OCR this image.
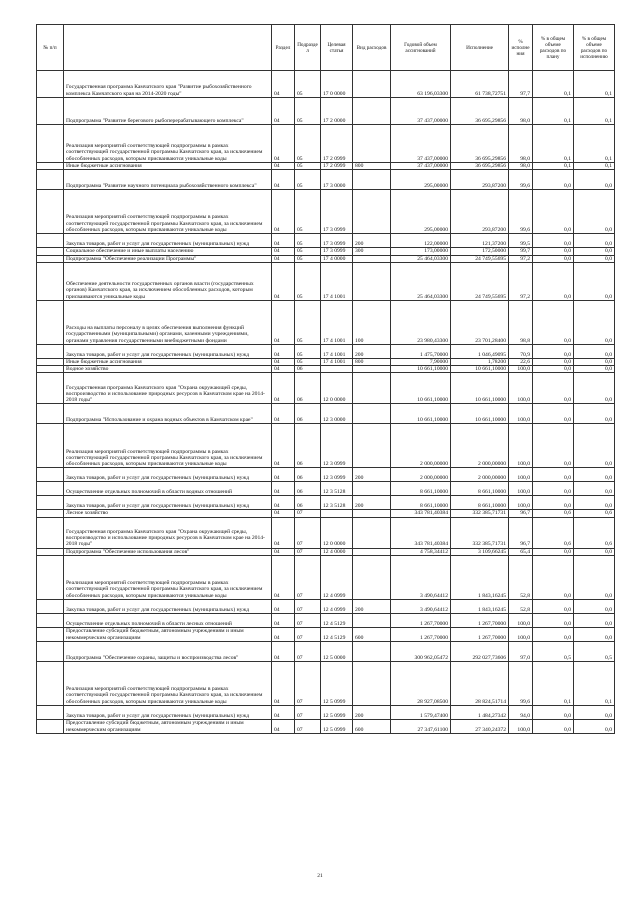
№ п/п		Раздел	Подраздел	Целевая статья	Вид расходов	Годовой объем ассигнований	Исполнение	% исполнения	% в общем объеме расходов по плану	% в общем объеме расходов по исполнению
	Государственная программа Камчатского края "Развитие рыбохозяйственного комплекса Камчатского края на 2014-2020 годы"	04	05	17 0 0000		63 196,03300	61 738,72751	97,7	0,1	0,1
	Подпрограмма "Развитие берегового рыбоперерабатывающего комплекса"	04	05	17 2 0000		37 437,00000	36 695,29856	98,0	0,1	0,1
	Реализация мероприятий соответствующей подпрограммы в рамках соответствующей государственной программы Камчатского края, за исключением обособленных расходов, которым присваиваются уникальные коды	04	05	17 2 0999		37 437,00000	36 695,29856	98,0	0,1	0,1
	Иные бюджетные ассигнования	04	05	17 2 0999	800	37 437,00000	36 695,29856	98,0	0,1	0,1
	Подпрограмма "Развитие научного потенциала рыбохозяйственного комплекса"	04	05	17 3 0000		295,00000	293,87200	99,6	0,0	0,0
	Реализация мероприятий соответствующей подпрограммы в рамках соответствующей государственной программы Камчатского края, за исключением обособленных расходов, которым присваиваются уникальные коды	04	05	17 3 0999		295,00000	293,87200	99,6	0,0	0,0
	Закупка товаров, работ и услуг для государственных (муниципальных) нужд	04	05	17 3 0999	200	122,00000	121,37200	99,5	0,0	0,0
	Социальное обеспечение и иные выплаты населению	04	05	17 3 0999	300	173,00000	172,50000	99,7	0,0	0,0
	Подпрограмма "Обеспечение реализации Программы"	04	05	17 4 0000		25 464,03300	24 749,55695	97,2	0,0	0,0
	Обеспечение деятельности государственных органов власти (государственных органов) Камчатского края, за исключением обособленных расходов, которым присваиваются уникальные коды	04	05	17 4 1001		25 464,03300	24 749,55695	97,2	0,0	0,0
	Расходы на выплаты персоналу в целях обеспечения выполнения функций государственными (муниципальными) органами, казенными учреждениями, органами управления государственными внебюджетными фондами	04	05	17 4 1001	100	23 980,43300	23 701,28400	98,8	0,0	0,0
	Закупка товаров, работ и услуг для государственных (муниципальных) нужд	04	05	17 4 1001	200	1 475,70000	1 046,49095	70,9	0,0	0,0
	Иные бюджетные ассигнования	04	05	17 4 1001	800	7,90000	1,78200	22,6	0,0	0,0
	Водное хозяйство	04	06			10 661,10000	10 661,10000	100,0	0,0	0,0
	Государственная программа Камчатского края "Охрана окружающей среды, воспроизводство и использование природных ресурсов в Камчатском крае на 2014-2018 годы"	04	06	12 0 0000		10 661,10000	10 661,10000	100,0	0,0	0,0
	Подпрограмма "Использование и охрана водных объектов в Камчатском крае"	04	06	12 3 0000		10 661,10000	10 661,10000	100,0	0,0	0,0
	Реализация мероприятий соответствующей подпрограммы в рамках соответствующей государственной программы Камчатского края, за исключением обособленных расходов, которым присваиваются уникальные коды	04	06	12 3 0999		2 000,00000	2 000,00000	100,0	0,0	0,0
	Закупка товаров, работ и услуг для государственных (муниципальных) нужд	04	06	12 3 0999	200	2 000,00000	2 000,00000	100,0	0,0	0,0
	Осуществление отдельных полномочий в области водных отношений	04	06	12 3 5128		8 661,10000	8 661,10000	100,0	0,0	0,0
	Закупка товаров, работ и услуг для государственных (муниципальных) нужд	04	06	12 3 5128	200	8 661,10000	8 661,10000	100,0	0,0	0,0
	Лесное хозяйство	04	07			343 781,40384	332 385,71731	96,7	0,6	0,6
	Государственная программа Камчатского края "Охрана окружающей среды, воспроизводство и использование природных ресурсов в Камчатском крае на 2014-2018 годы"	04	07	12 0 0000		343 781,40384	332 385,71731	96,7	0,6	0,6
	Подпрограмма "Обеспечение использования лесов"	04	07	12 4 0000		4 758,34412	3 109,66245	65,4	0,0	0,0
	Реализация мероприятий соответствующей подпрограммы в рамках соответствующей государственной программы Камчатского края, за исключением обособленных расходов, которым присваиваются уникальные коды	04	07	12 4 0999		3 490,64412	1 843,16245	52,8	0,0	0,0
	Закупка товаров, работ и услуг для государственных (муниципальных) нужд	04	07	12 4 0999	200	3 490,64412	1 843,16245	52,8	0,0	0,0
	Осуществление отдельных полномочий в области лесных отношений	04	07	12 4 5129		1 267,70000	1 267,70000	100,0	0,0	0,0
	Предоставление субсидий бюджетным, автономным учреждениям и иным некоммерческим организациям	04	07	12 4 5129	600	1 267,70000	1 267,70000	100,0	0,0	0,0
	Подпрограмма "Обеспечение охраны, защиты и воспроизводства лесов"	04	07	12 5 0000		300 962,05472	292 027,73606	97,0	0,5	0,5
	Реализация мероприятий соответствующей подпрограммы в рамках соответствующей государственной программы Камчатского края, за исключением обособленных расходов, которым присваиваются уникальные коды	04	07	12 5 0999		28 927,08500	28 824,51714	99,6	0,1	0,1
	Закупка товаров, работ и услуг для государственных (муниципальных) нужд	04	07	12 5 0999	200	1 579,47400	1 484,27342	94,0	0,0	0,0
	Предоставление субсидий бюджетным, автономным учреждениям и иным некоммерческим организациям	04	07	12 5 0999	600	27 347,61100	27 340,24372	100,0	0,0	0,0
21
